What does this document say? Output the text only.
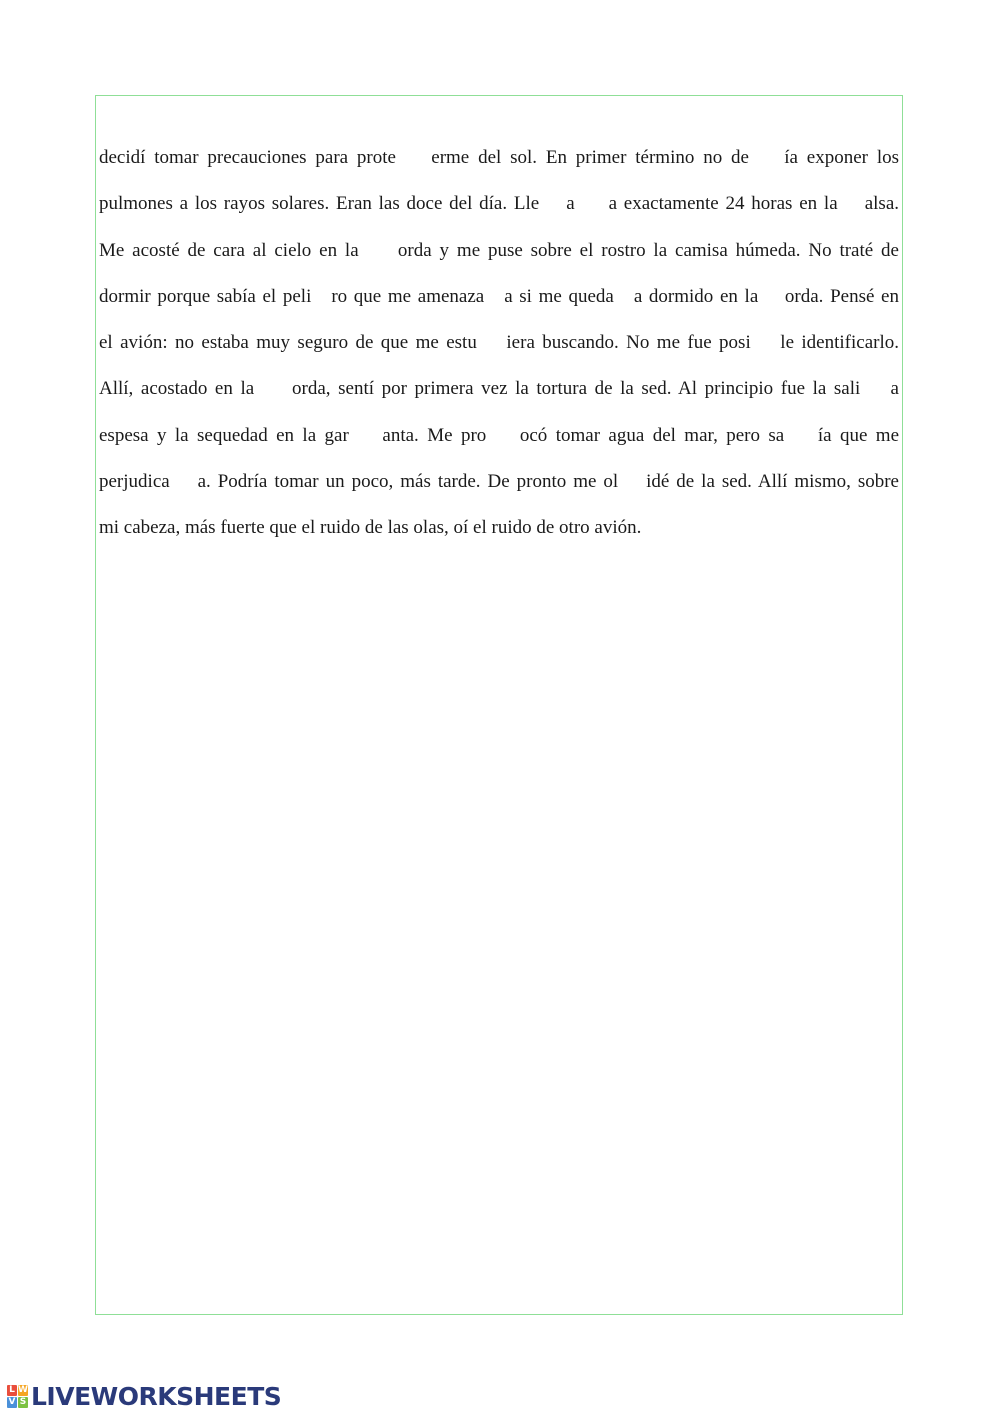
decidí tomar precauciones para prote    erme del sol. En primer término no de    ía exponer los
pulmones a los rayos solares. Eran las doce del día. Lle    a     a exactamente 24 horas en la    alsa.
Me acosté de cara al cielo en la     orda y me puse sobre el rostro la camisa húmeda. No traté de
dormir porque sabía el peli   ro que me amenaza   a si me queda   a dormido en la    orda. Pensé en
el avión: no estaba muy seguro de que me estu    iera buscando. No me fue posi    le identificarlo.
Allí, acostado en la     orda, sentí por primera vez la tortura de la sed. Al principio fue la sali    a
espesa y la sequedad en la gar    anta. Me pro    ocó tomar agua del mar, pero sa    ía que me
perjudica    a. Podría tomar un poco, más tarde. De pronto me ol    idé de la sed. Allí mismo, sobre
mi cabeza, más fuerte que el ruido de las olas, oí el ruido de otro avión.
L W
V S LIVEWORKSHEETS
